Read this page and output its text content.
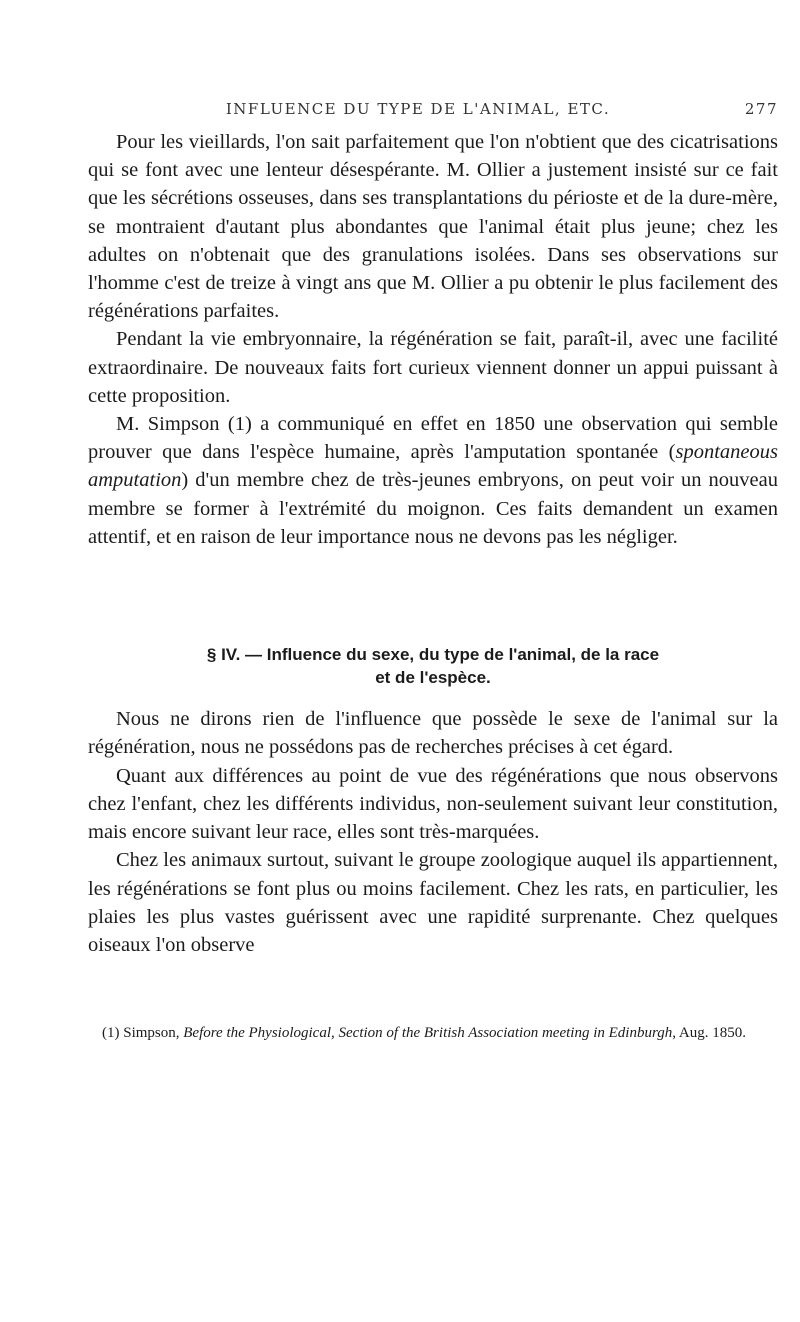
INFLUENCE DU TYPE DE L'ANIMAL, ETC.	277

Pour les vieillards, l'on sait parfaitement que l'on n'obtient que des cicatrisations qui se font avec une lenteur désespérante. M. Ollier a justement insisté sur ce fait que les sécrétions osseuses, dans ses transplantations du périoste et de la dure-mère, se montraient d'autant plus abondantes que l'animal était plus jeune; chez les adultes on n'obtenait que des granulations isolées. Dans ses observations sur l'homme c'est de treize à vingt ans que M. Ollier a pu obtenir le plus facilement des régénérations parfaites.

Pendant la vie embryonnaire, la régénération se fait, paraît-il, avec une facilité extraordinaire. De nouveaux faits fort curieux viennent donner un appui puissant à cette proposition.

M. Simpson (1) a communiqué en effet en 1850 une observation qui semble prouver que dans l'espèce humaine, après l'amputation spontanée (spontaneous amputation) d'un membre chez de très-jeunes embryons, on peut voir un nouveau membre se former à l'extrémité du moignon. Ces faits demandent un examen attentif, et en raison de leur importance nous ne devons pas les négliger.

§ IV. — Influence du sexe, du type de l'animal, de la race
et de l'espèce.

Nous ne dirons rien de l'influence que possède le sexe de l'animal sur la régénération, nous ne possédons pas de recherches précises à cet égard.

Quant aux différences au point de vue des régénérations que nous observons chez l'enfant, chez les différents individus, non-seulement suivant leur constitution, mais encore suivant leur race, elles sont très-marquées.

Chez les animaux surtout, suivant le groupe zoologique auquel ils appartiennent, les régénérations se font plus ou moins facilement. Chez les rats, en particulier, les plaies les plus vastes guérissent avec une rapidité surprenante. Chez quelques oiseaux l'on observe

(1) Simpson, Before the Physiological, Section of the British Association meeting in Edinburgh, Aug. 1850.
